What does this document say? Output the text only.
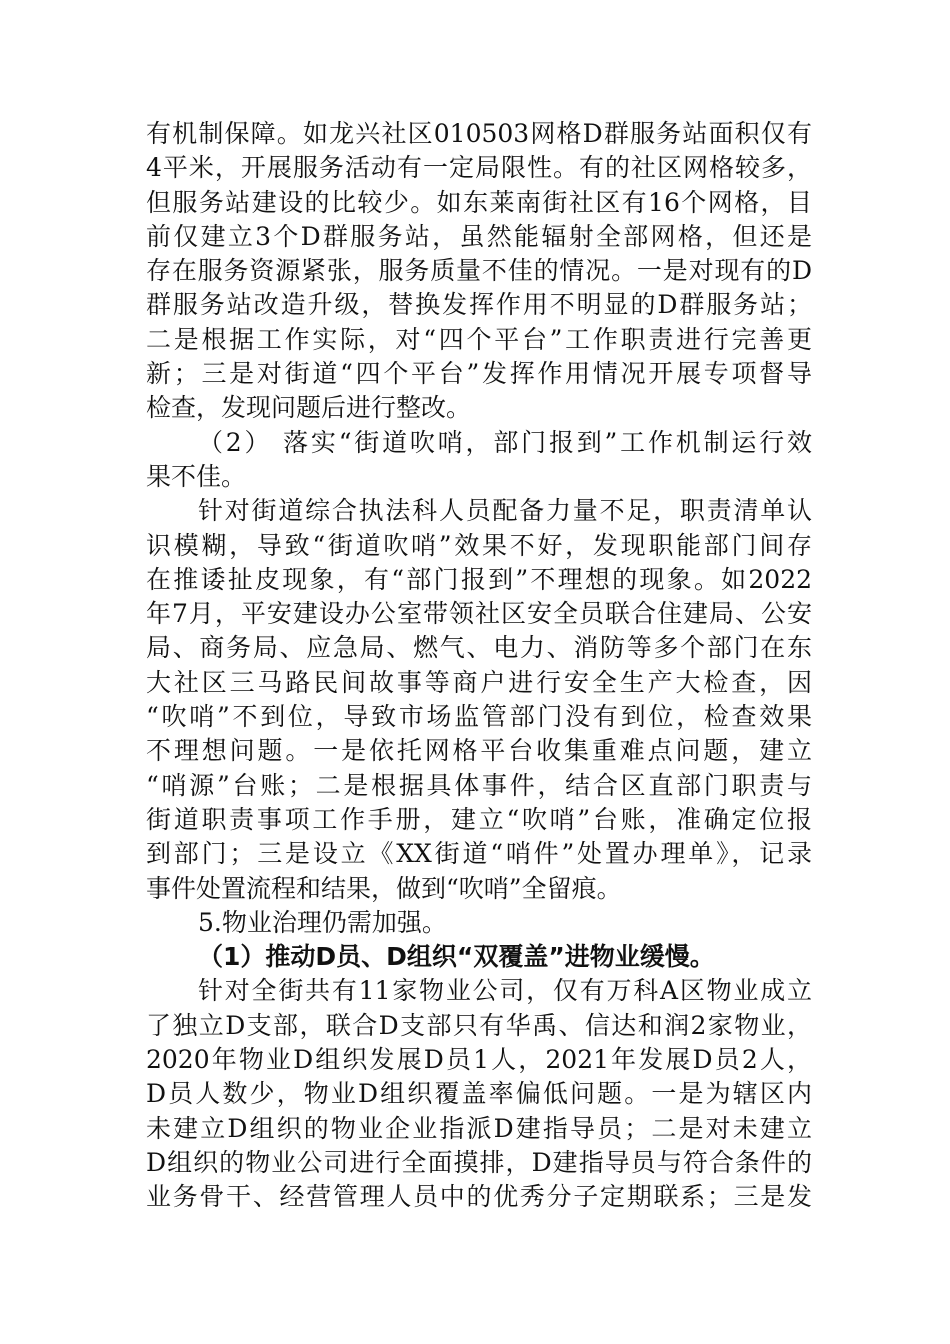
有机制保障。如龙兴社区010503网格D群服务站面积仅有
4平米，开展服务活动有一定局限性。有的社区网格较多，
但服务站建设的比较少。如东莱南街社区有16个网格，目
前仅建立3个D群服务站，虽然能辐射全部网格，但还是
存在服务资源紧张，服务质量不佳的情况。一是对现有的D
群服务站改造升级，替换发挥作用不明显的D群服务站；
二是根据工作实际，对“四个平台”工作职责进行完善更
新；三是对街道“四个平台”发挥作用情况开展专项督导
检查，发现问题后进行整改。
（2） 落实“街道吹哨，部门报到”工作机制运行效
果不佳。
针对街道综合执法科人员配备力量不足，职责清单认
识模糊，导致“街道吹哨”效果不好，发现职能部门间存
在推诿扯皮现象，有“部门报到”不理想的现象。如2022
年7月，平安建设办公室带领社区安全员联合住建局、公安
局、商务局、应急局、燃气、电力、消防等多个部门在东
大社区三马路民间故事等商户进行安全生产大检查，因
“吹哨”不到位，导致市场监管部门没有到位，检查效果
不理想问题。一是依托网格平台收集重难点问题，建立
“哨源”台账；二是根据具体事件，结合区直部门职责与
街道职责事项工作手册，建立“吹哨”台账，准确定位报
到部门；三是设立《XX街道“哨件”处置办理单》，记录
事件处置流程和结果，做到“吹哨”全留痕。
5.物业治理仍需加强。
（1）推动D员、D组织“双覆盖”进物业缓慢。
针对全街共有11家物业公司，仅有万科A区物业成立
了独立D支部，联合D支部只有华禹、信达和润2家物业，
2020年物业D组织发展D员1人，2021年发展D员2人，
D员人数少，物业D组织覆盖率偏低问题。一是为辖区内
未建立D组织的物业企业指派D建指导员；二是对未建立
D组织的物业公司进行全面摸排，D建指导员与符合条件的
业务骨干、经营管理人员中的优秀分子定期联系；三是发
